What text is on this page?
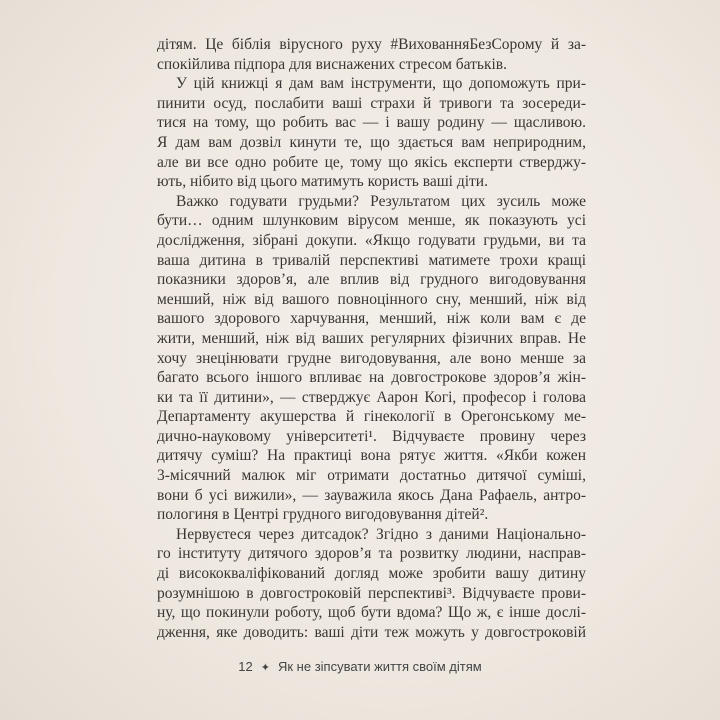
дітям. Це біблія вірусного руху #ВихованняБезСорому й за-
спокійлива підпора для виснажених стресом батьків.
У цій книжці я дам вам інструменти, що допоможуть при-
пинити осуд, послабити ваші страхи й тривоги та зосереди-
тися на тому, що робить вас — і вашу родину — щасливою.
Я дам вам дозвіл кинути те, що здається вам неприродним,
але ви все одно робите це, тому що якісь експерти стверджу-
ють, нібито від цього матимуть користь ваші діти.
Важко годувати грудьми? Результатом цих зусиль може
бути… одним шлунковим вірусом менше, як показують усі
дослідження, зібрані докупи. «Якщо годувати грудьми, ви та
ваша дитина в тривалій перспективі матимете трохи кращі
показники здоров’я, але вплив від грудного вигодовування
менший, ніж від вашого повноцінного сну, менший, ніж від
вашого здорового харчування, менший, ніж коли вам є де
жити, менший, ніж від ваших регулярних фізичних вправ. Не
хочу знецінювати грудне вигодовування, але воно менше за
багато всього іншого впливає на довгострокове здоров’я жін-
ки та її дитини», — стверджує Аарон Когі, професор і голова
Департаменту акушерства й гінекології в Орегонському ме-
дично-науковому університеті¹. Відчуваєте провину через
дитячу суміш? На практиці вона рятує життя. «Якби кожен
3-місячний малюк міг отримати достатньо дитячої суміші,
вони б усі вижили», — зауважила якось Дана Рафаель, антро-
пологиня в Центрі грудного вигодовування дітей².
Нервуєтеся через дитсадок? Згідно з даними Національно-
го інституту дитячого здоров’я та розвитку людини, насправ-
ді висококваліфікований догляд може зробити вашу дитину
розумнішою в довгостроковій перспективі³. Відчуваєте прови-
ну, що покинули роботу, щоб бути вдома? Що ж, є інше дослі-
дження, яке доводить: ваші діти теж можуть у довгостроковій
12 ✦ Як не зіпсувати життя своїм дітям
